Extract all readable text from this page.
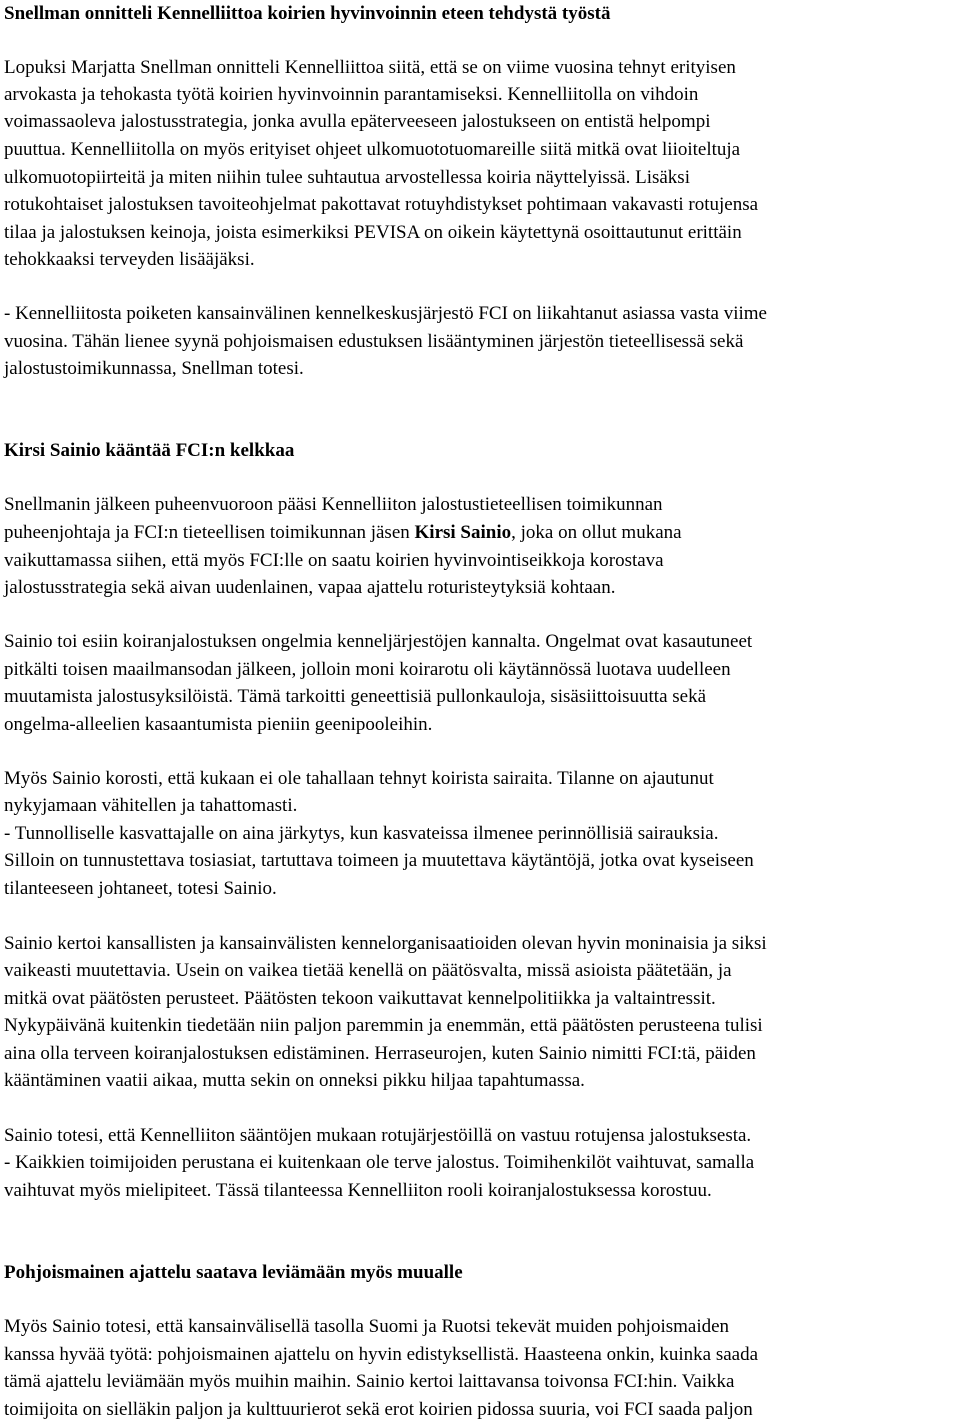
Snellman onnitteli Kennelliittoa koirien hyvinvoinnin eteen tehdystä työstä
Lopuksi Marjatta Snellman onnitteli Kennelliittoa siitä, että se on viime vuosina tehnyt erityisen
arvokasta ja tehokasta työtä koirien hyvinvoinnin parantamiseksi. Kennelliitolla on vihdoin
voimassaoleva jalostusstrategia, jonka avulla epäterveeseen jalostukseen on entistä helpompi
puuttua. Kennelliitolla on myös erityiset ohjeet ulkomuototuomareille siitä mitkä ovat liioiteltuja
ulkomuotopiirteitä ja miten niihin tulee suhtautua arvostellessa koiria näyttelyissä. Lisäksi
rotukohtaiset jalostuksen tavoiteohjelmat pakottavat rotuyhdistykset pohtimaan vakavasti rotujensa
tilaa ja jalostuksen keinoja, joista esimerkiksi PEVISA on oikein käytettynä osoittautunut erittäin
tehokkaaksi terveyden lisääjäksi.
- Kennelliitosta poiketen kansainvälinen kennelkeskusjärjestö FCI on liikahtanut asiassa vasta viime
vuosina. Tähän lienee syynä pohjoismaisen edustuksen lisääntyminen järjestön tieteellisessä sekä
jalostustoimikunnassa, Snellman totesi.
Kirsi Sainio kääntää FCI:n kelkkaa
Snellmanin jälkeen puheenvuoroon pääsi Kennelliiton jalostustieteellisen toimikunnan
puheenjohtaja ja FCI:n tieteellisen toimikunnan jäsen Kirsi Sainio, joka on ollut mukana
vaikuttamassa siihen, että myös FCI:lle on saatu koirien hyvinvointiseikkoja korostava
jalostusstrategia sekä aivan uudenlainen, vapaa ajattelu roturisteytyksiä kohtaan.
Sainio toi esiin koiranjalostuksen ongelmia kenneljärjestöjen kannalta. Ongelmat ovat kasautuneet
pitkälti toisen maailmansodan jälkeen, jolloin moni koirarotu oli käytännössä luotava uudelleen
muutamista jalostusyksilöistä. Tämä tarkoitti geneettisiä pullonkauloja, sisäsiittoisuutta sekä
ongelma-alleelien kasaantumista pieniin geenipooleihin.
Myös Sainio korosti, että kukaan ei ole tahallaan tehnyt koirista sairaita. Tilanne on ajautunut
nykyjamaan vähitellen ja tahattomasti.
- Tunnolliselle kasvattajalle on aina järkytys, kun kasvateissa ilmenee perinnöllisiä sairauksia.
Silloin on tunnustettava tosiasiat, tartuttava toimeen ja muutettava käytäntöjä, jotka ovat kyseiseen
tilanteeseen johtaneet, totesi Sainio.
Sainio kertoi kansallisten ja kansainvälisten kennelorganisaatioiden olevan hyvin moninaisia ja siksi
vaikeasti muutettavia. Usein on vaikea tietää kenellä on päätösvalta, missä asioista päätetään, ja
mitkä ovat päätösten perusteet. Päätösten tekoon vaikuttavat kennelpolitiikka ja valtaintressit.
Nykypäivänä kuitenkin tiedetään niin paljon paremmin ja enemmän, että päätösten perusteena tulisi
aina olla terveen koiranjalostuksen edistäminen. Herraseurojen, kuten Sainio nimitti FCI:tä, päiden
kääntäminen vaatii aikaa, mutta sekin on onneksi pikku hiljaa tapahtumassa.
Sainio totesi, että Kennelliiton sääntöjen mukaan rotujärjestöillä on vastuu rotujensa jalostuksesta.
- Kaikkien toimijoiden perustana ei kuitenkaan ole terve jalostus. Toimihenkilöt vaihtuvat, samalla
vaihtuvat myös mielipiteet. Tässä tilanteessa Kennelliiton rooli koiranjalostuksessa korostuu.
Pohjoismainen ajattelu saatava leviämään myös muualle
Myös Sainio totesi, että kansainvälisellä tasolla Suomi ja Ruotsi tekevät muiden pohjoismaiden
kanssa hyvää työtä: pohjoismainen ajattelu on hyvin edistyksellistä. Haasteena onkin, kuinka saada
tämä ajattelu leviämään myös muihin maihin. Sainio kertoi laittavansa toivonsa FCI:hin. Vaikka
toimijoita on sielläkin paljon ja kulttuurierot sekä erot koirien pidossa suuria, voi FCI saada paljon
